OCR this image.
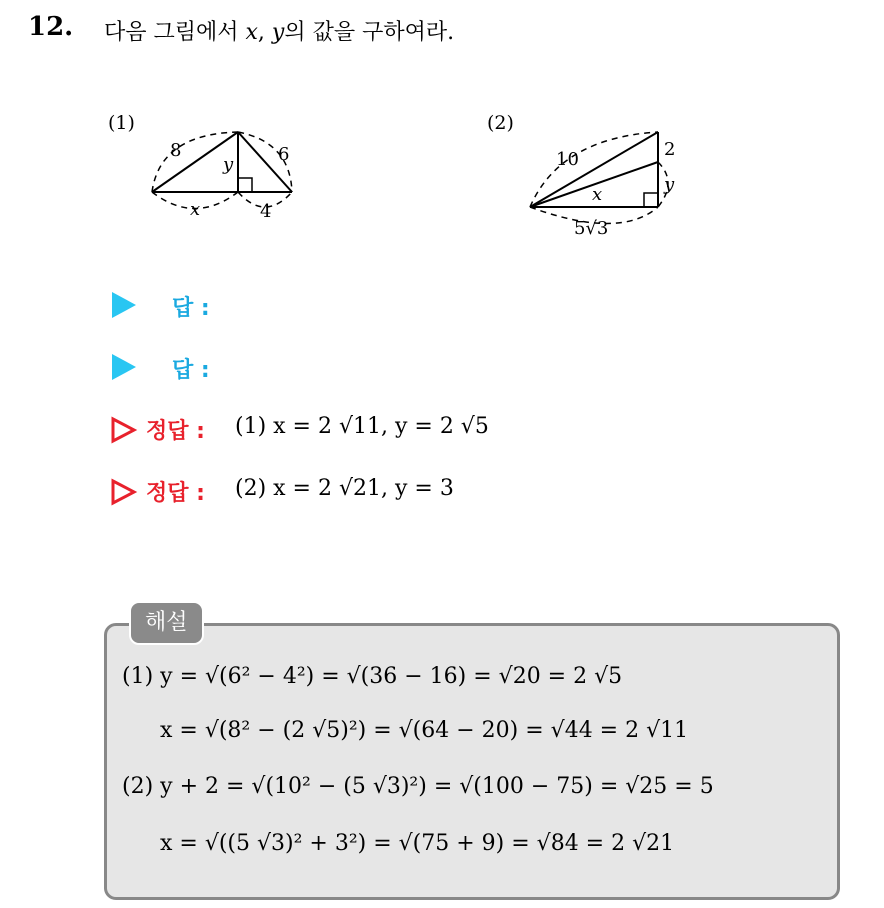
12. 다음 그림에서 x, y의 값을 구하여라.
(1)
8	6
y
x	4
(2)
10	2
x	y
5√3
답 :
답 :
정답 : (1) x = 2 √11, y = 2 √5
정답 : (2) x = 2 √21, y = 3
해설
(1) y = √(6² − 4²) = √(36 − 16) = √20 = 2 √5
x = √(8² − (2 √5)²) = √(64 − 20) = √44 = 2 √11
(2) y + 2 = √(10² − (5 √3)²) = √(100 − 75) = √25 = 5
x = √((5 √3)² + 3²) = √(75 + 9) = √84 = 2 √21
